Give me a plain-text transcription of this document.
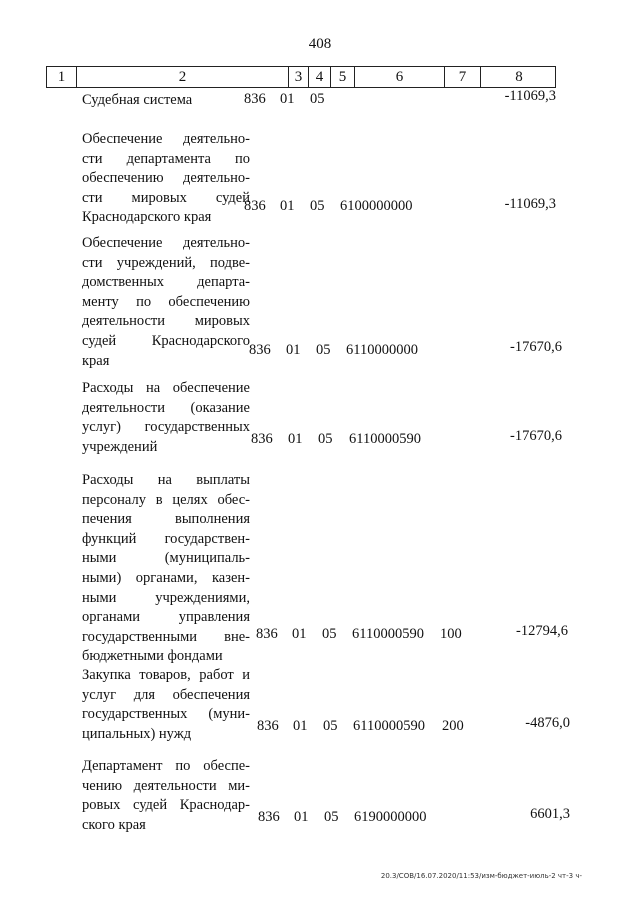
408
1	2	3 4	5	6	7	8
Судебная система	836 01 05	-11069,3
Обеспечение деятельно-
сти департамента по
обеспечению деятельно-
сти мировых судей
Краснодарского края
836 01 05 6100000000	-11069,3
Обеспечение деятельно-
сти учреждений, подве-
домственных департа-
менту по обеспечению
деятельности мировых
судей Краснодарского
края
836 01 05 6110000000	-17670,6
Расходы на обеспечение
деятельности (оказание
услуг) государственных
учреждений	836 01 05 6110000590	-17670,6
Расходы на выплаты
персоналу в целях обес-
печения выполнения
функций государствен-
ными (муниципаль-
ными) органами, казен-
ными учреждениями,
органами управления
государственными вне-
бюджетными фондами
836 01 05 6110000590 100	-12794,6
Закупка товаров, работ и
услуг для обеспечения
государственных (муни-
ципальных) нужд	836 01 05 6110000590 200	-4876,0
Департамент по обеспе-
чению деятельности ми-
ровых судей Краснодар-
ского края	836 01 05 6190000000	6601,3
20.3/СОВ/16.07.2020/11:53/изм-бюджет-июль-2 чт-3 ч-
